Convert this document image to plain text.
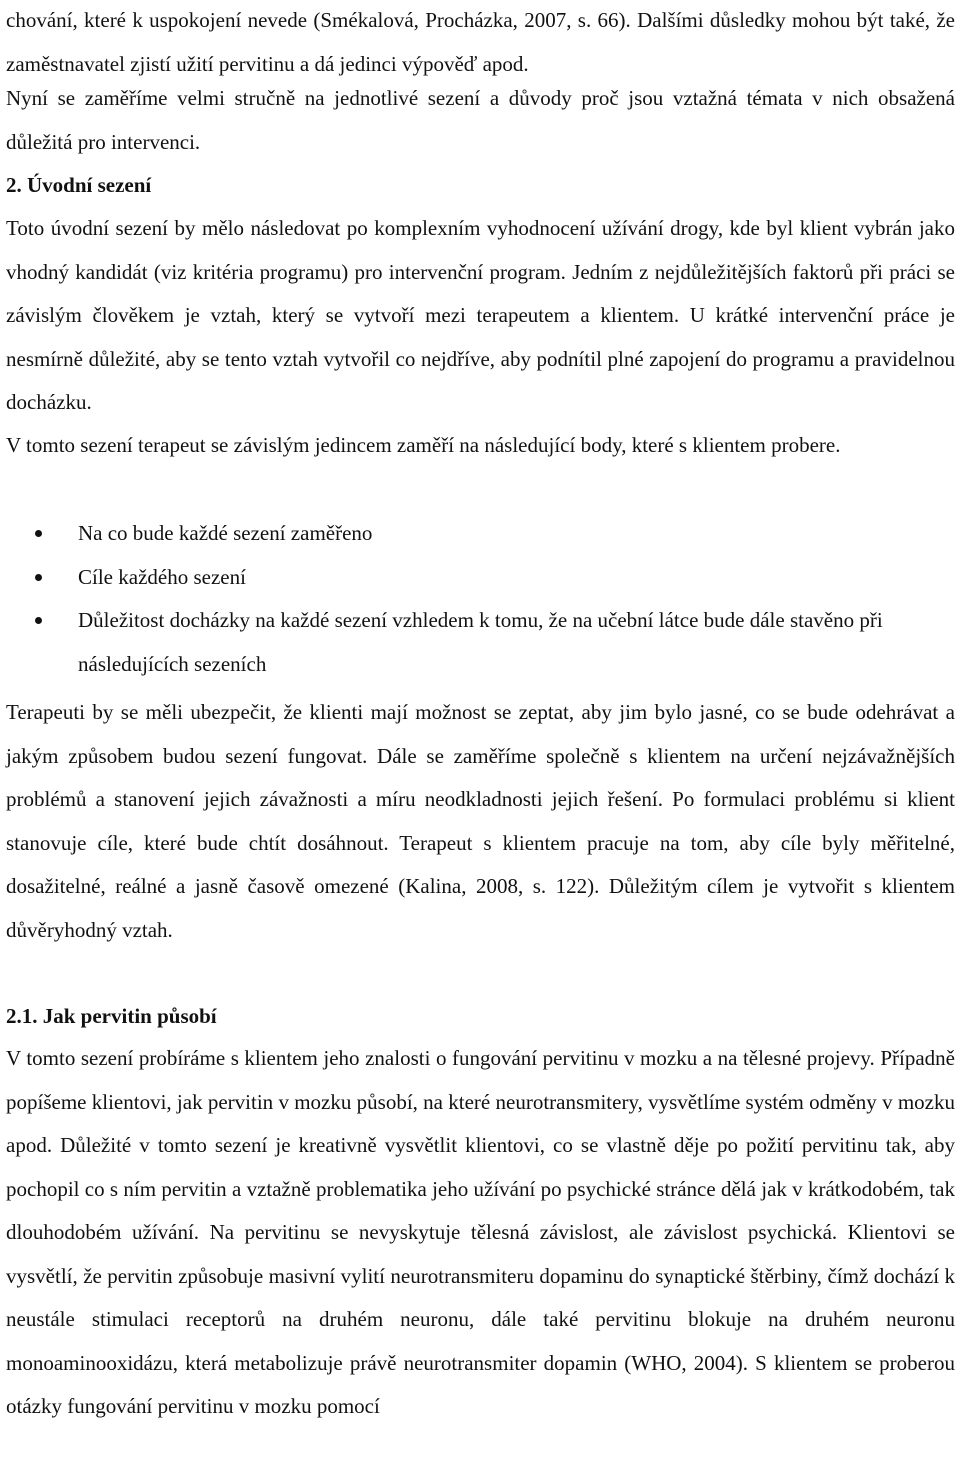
chování, které k uspokojení nevede (Smékalová, Procházka, 2007, s. 66). Dalšími důsledky mohou být také, že zaměstnavatel zjistí užití pervitinu a dá jedinci výpověď apod.

Nyní se zaměříme velmi stručně na jednotlivé sezení a důvody proč jsou vztažná témata v nich obsažená důležitá pro intervenci.

2. Úvodní sezení

Toto úvodní sezení by mělo následovat po komplexním vyhodnocení užívání drogy, kde byl klient vybrán jako vhodný kandidát (viz kritéria programu) pro intervenční program. Jedním z nejdůležitějších faktorů při práci se závislým člověkem je vztah, který se vytvoří mezi terapeutem a klientem. U krátké intervenční práce je nesmírně důležité, aby se tento vztah vytvořil co nejdříve, aby podnítil plné zapojení do programu a pravidelnou docházku.

V tomto sezení terapeut se závislým jedincem zaměří na následující body, které s klientem probere.

Na co bude každé sezení zaměřeno
Cíle každého sezení
Důležitost docházky na každé sezení vzhledem k tomu, že na učební látce bude dále stavěno při následujících sezeních

Terapeuti by se měli ubezpečit, že klienti mají možnost se zeptat, aby jim bylo jasné, co se bude odehrávat a jakým způsobem budou sezení fungovat. Dále se zaměříme společně s klientem na určení nejzávažnějších problémů a stanovení jejich závažnosti a míru neodkladnosti jejich řešení. Po formulaci problému si klient stanovuje cíle, které bude chtít dosáhnout. Terapeut s klientem pracuje na tom, aby cíle byly měřitelné, dosažitelné, reálné a jasně časově omezené (Kalina, 2008, s. 122). Důležitým cílem je vytvořit s klientem důvěryhodný vztah.

2.1. Jak pervitin působí

V tomto sezení probíráme s klientem jeho znalosti o fungování pervitinu v mozku a na tělesné projevy. Případně popíšeme klientovi, jak pervitin v mozku působí, na které neurotransmitery, vysvětlíme systém odměny v mozku apod. Důležité v tomto sezení je kreativně vysvětlit klientovi, co se vlastně děje po požití pervitinu tak, aby pochopil co s ním pervitin a vztažně problematika jeho užívání po psychické stránce dělá jak v krátkodobém, tak dlouhodobém užívání. Na pervitinu se nevyskytuje tělesná závislost, ale závislost psychická. Klientovi se vysvětlí, že pervitin způsobuje masivní vylití neurotransmiteru dopaminu do synaptické štěrbiny, čímž dochází k neustále stimulaci receptorů na druhém neuronu, dále také pervitinu blokuje na druhém neuronu monoaminooxidázu, která metabolizuje právě neurotransmiter dopamin (WHO, 2004). S klientem se proberou otázky fungování pervitinu v mozku pomocí
